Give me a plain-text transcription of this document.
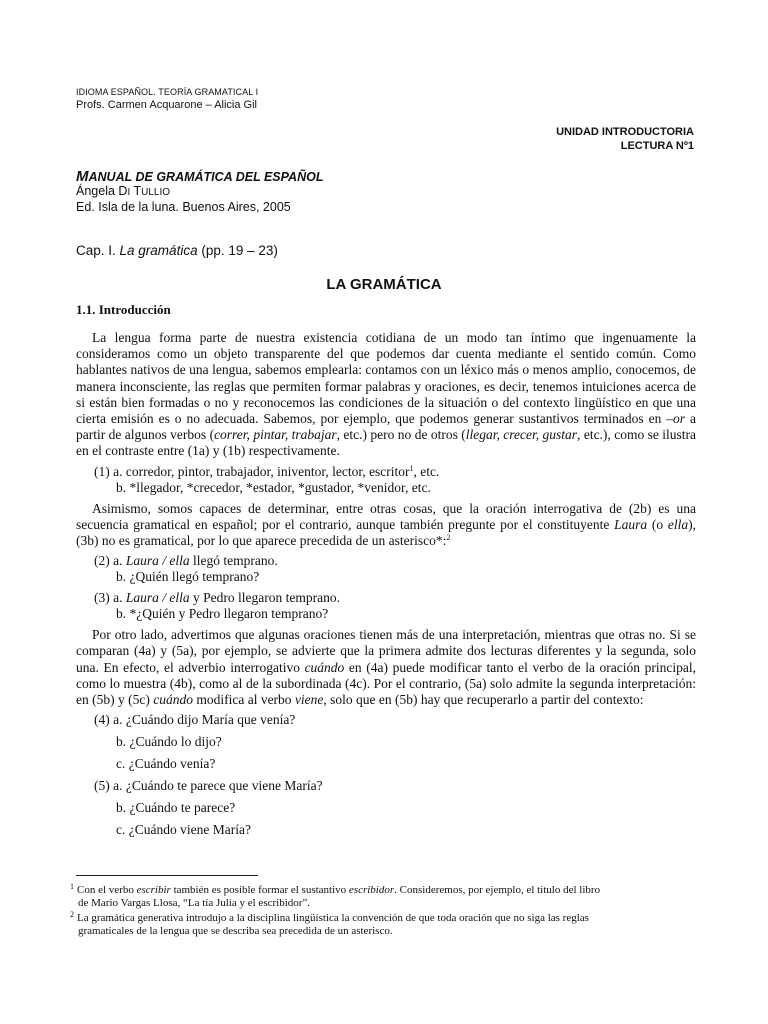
IDIOMA ESPAÑOL. TEORÍA GRAMATICAL I
Profs. Carmen Acquarone – Alicia Gil
UNIDAD INTRODUCTORIA
LECTURA Nº1
MANUAL DE GRAMÁTICA DEL ESPAÑOL
Ángela DI TULLIO
Ed. Isla de la luna. Buenos Aires, 2005
Cap. I. La gramática (pp. 19 – 23)
LA GRAMÁTICA
1.1. Introducción

La lengua forma parte de nuestra existencia cotidiana de un modo tan íntimo que ingenuamente la consideramos como un objeto transparente del que podemos dar cuenta mediante el sentido común. Como hablantes nativos de una lengua, sabemos emplearla: contamos con un léxico más o menos amplio, conocemos, de manera inconsciente, las reglas que permiten formar palabras y oraciones, es decir, tenemos intuiciones acerca de si están bien formadas o no y reconocemos las condiciones de la situación o del contexto lingüístico en que una cierta emisión es o no adecuada. Sabemos, por ejemplo, que podemos generar sustantivos terminados en –or a partir de algunos verbos (correr, pintar, trabajar, etc.) pero no de otros (llegar, crecer, gustar, etc.), como se ilustra en el contraste entre (1a) y (1b) respectivamente.

(1) a. corredor, pintor, trabajador, iniventor, lector, escritor$^1$, etc.
b. *llegador, *crecedor, *estador, *gustador, *venidor, etc.

Asimismo, somos capaces de determinar, entre otras cosas, que la oración interrogativa de (2b) es una secuencia gramatical en español; por el contrario, aunque también pregunte por el constituyente Laura (o ella), (3b) no es gramatical, por lo que aparece precedida de un asterisco*:$^2$

(2) a. Laura / ella llegó temprano.
b. ¿Quién llegó temprano?
(3) a. Laura / ella y Pedro llegaron temprano.
b. *¿Quién y Pedro llegaron temprano?

Por otro lado, advertimos que algunas oraciones tienen más de una interpretación, mientras que otras no. Si se comparan (4a) y (5a), por ejemplo, se advierte que la primera admite dos lecturas diferentes y la segunda, solo una. En efecto, el adverbio interrogativo cuándo en (4a) puede modificar tanto el verbo de la oración principal, como lo muestra (4b), como al de la subordinada (4c). Por el contrario, (5a) solo admite la segunda interpretación: en (5b) y (5c) cuándo modifica al verbo viene, solo que en (5b) hay que recuperarlo a partir del contexto:

(4) a. ¿Cuándo dijo María que venía?
b. ¿Cuándo lo dijo?
c. ¿Cuándo venía?
(5) a. ¿Cuándo te parece que viene María?
b. ¿Cuándo te parece?
c. ¿Cuándo viene María?
$^1$ Con el verbo escribir también es posible formar el sustantivo escribidor. Consideremos, por ejemplo, el título del libro
de Mario Vargas Llosa, “La tía Julia y el escribidor”.
$^2$ La gramática generativa introdujo a la disciplina lingüística la convención de que toda oración que no siga las reglas
gramaticales de la lengua que se describa sea precedida de un asterisco.
